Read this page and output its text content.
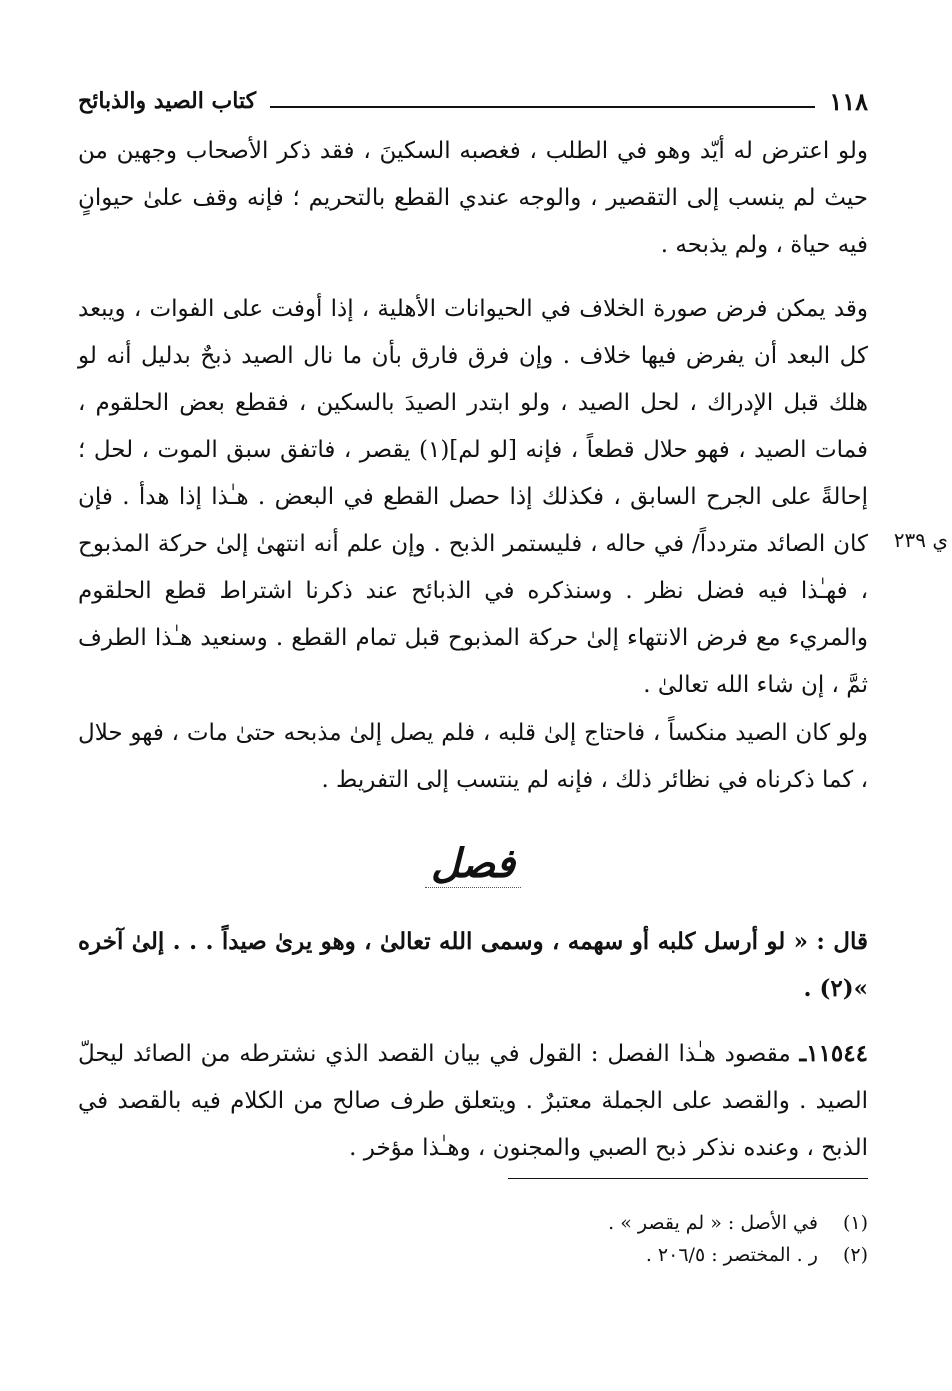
١١٨
كتاب الصيد والذبائح

ولو اعترض له أيّد وهو في الطلب ، فغصبه السكينَ ، فقد ذكر الأصحاب وجهين من حيث لم ينسب إلى التقصير ، والوجه عندي القطع بالتحريم ؛ فإنه وقف علىٰ حيوانٍ فيه حياة ، ولم يذبحه .

وقد يمكن فرض صورة الخلاف في الحيوانات الأهلية ، إذا أوفت على الفوات ، ويبعد كل البعد أن يفرض فيها خلاف . وإن فرق فارق بأن ما نال الصيد ذبحٌ بدليل أنه لو هلك قبل الإدراك ، لحل الصيد ، ولو ابتدر الصيدَ بالسكين ، فقطع بعض الحلقوم ، فمات الصيد ، فهو حلال قطعاً ، فإنه [لو لم](١) يقصر ، فاتفق سبق الموت ، لحل ؛ إحالةً على الجرح السابق ، فكذلك إذا حصل القطع في البعض . هـٰذا إذا هدأ . فإن كان الصائد متردداً/ في حاله ، فليستمر الذبح . وإن علم أنه انتهىٰ إلىٰ حركة المذبوح ، فهـٰذا فيه فضل نظر . وسنذكره في الذبائح عند ذكرنا اشتراط قطع الحلقوم والمريء مع فرض الانتهاء إلىٰ حركة المذبوح قبل تمام القطع . وسنعيد هـٰذا الطرف ثمَّ ، إن شاء الله تعالىٰ .

ي ٢٣٩

ولو كان الصيد منكساً ، فاحتاج إلىٰ قلبه ، فلم يصل إلىٰ مذبحه حتىٰ مات ، فهو حلال ، كما ذكرناه في نظائر ذلك ، فإنه لم ينتسب إلى التفريط .

فصل

قال : « لو أرسل كلبه أو سهمه ، وسمى الله تعالىٰ ، وهو يرىٰ صيداً . . . إلىٰ آخره »(٢) .

١١٥٤٤ـ مقصود هـٰذا الفصل : القول في بيان القصد الذي نشترطه من الصائد ليحلّ الصيد . والقصد على الجملة معتبرٌ . ويتعلق طرف صالح من الكلام فيه بالقصد في الذبح ، وعنده نذكر ذبح الصبي والمجنون ، وهـٰذا مؤخر .

(١) في الأصل : « لم يقصر » .
(٢) ر . المختصر : ٢٠٦/٥ .
